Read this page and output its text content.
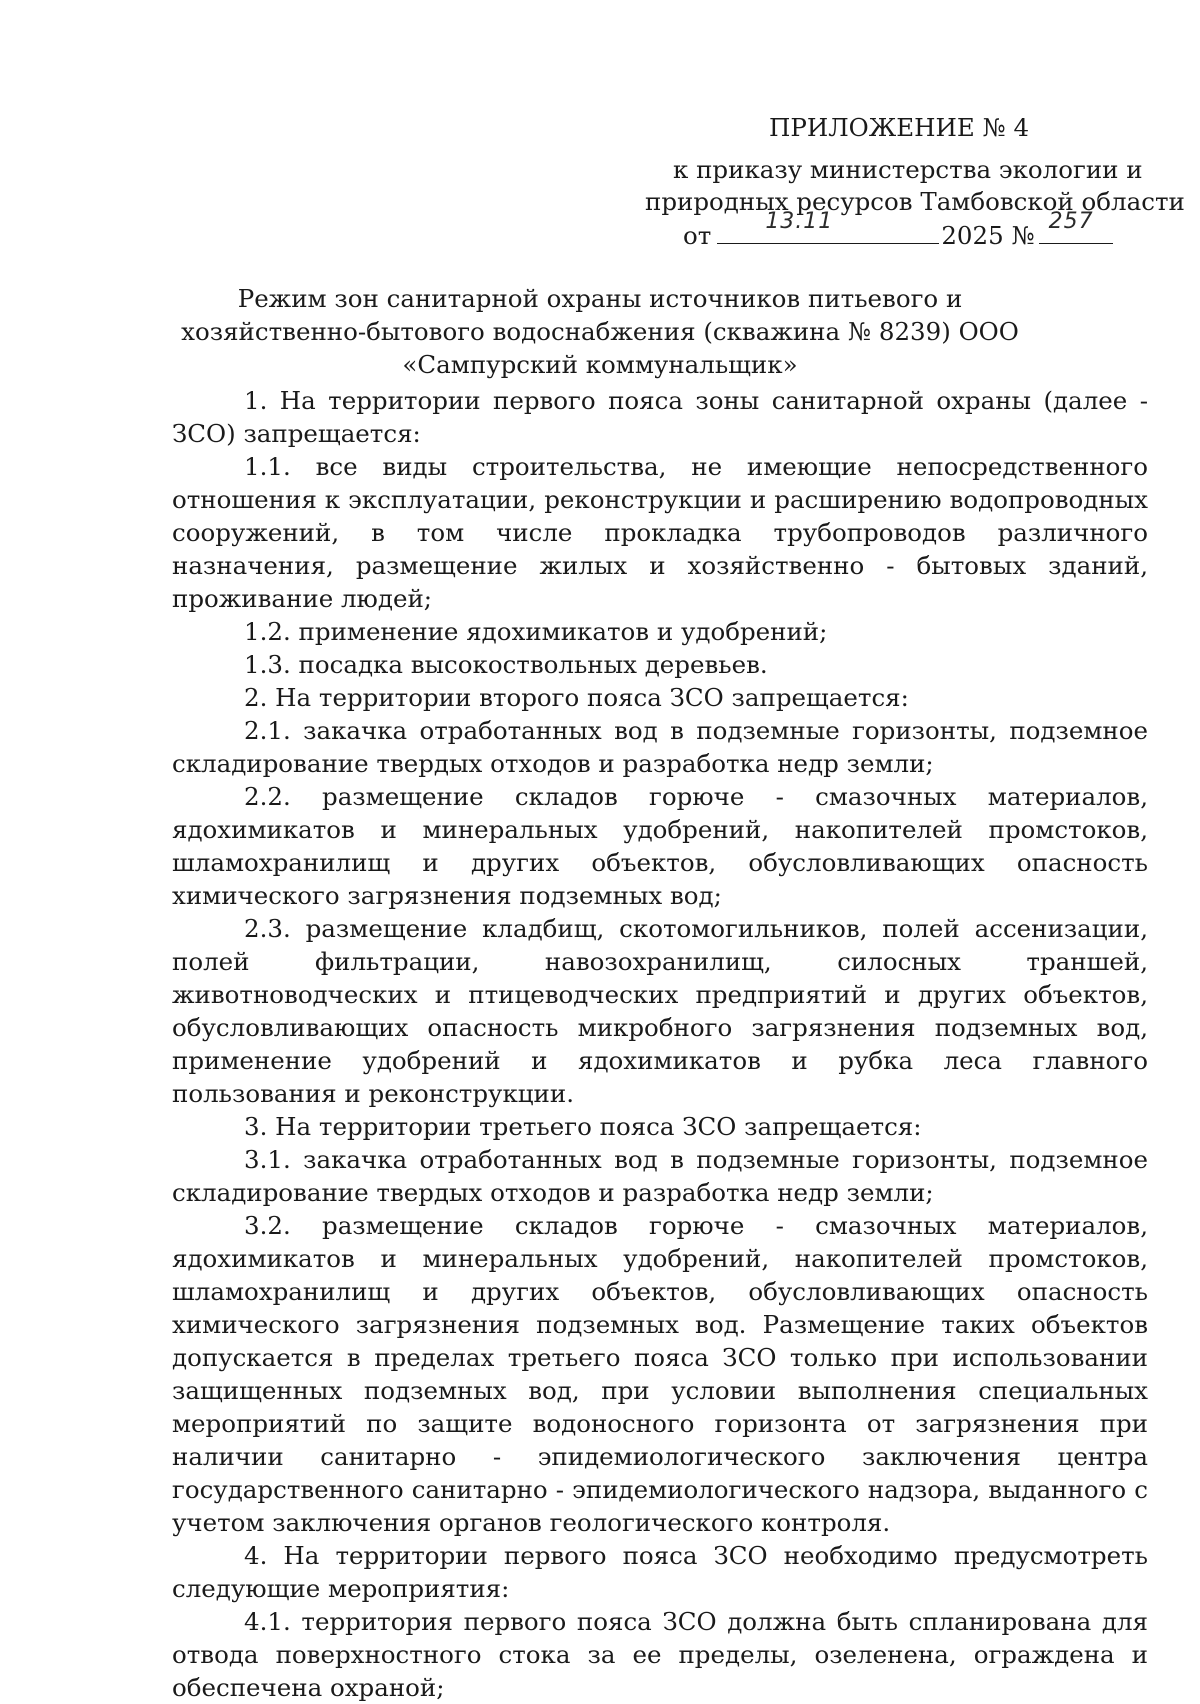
ПРИЛОЖЕНИЕ № 4
к приказу министерства экологии и
природных ресурсов Тамбовской области
от 13.11	2025 № 257
Режим зон санитарной охраны источников питьевого и хозяйственно-бытового водоснабжения (скважина № 8239) ООО «Сампурский коммунальщик»

1. На территории первого пояса зоны санитарной охраны (далее - ЗСО) запрещается:

1.1. все виды строительства, не имеющие непосредственного отношения к эксплуатации, реконструкции и расширению водопроводных сооружений, в том числе прокладка трубопроводов различного назначения, размещение жилых и хозяйственно - бытовых зданий, проживание людей;

1.2. применение ядохимикатов и удобрений;

1.3. посадка высокоствольных деревьев.

2. На территории второго пояса ЗСО запрещается:

2.1. закачка отработанных вод в подземные горизонты, подземное складирование твердых отходов и разработка недр земли;

2.2. размещение складов горюче - смазочных материалов, ядохимикатов и минеральных удобрений, накопителей промстоков, шламохранилищ и других объектов, обусловливающих опасность химического загрязнения подземных вод;

2.3. размещение кладбищ, скотомогильников, полей ассенизации, полей фильтрации, навозохранилищ, силосных траншей, животноводческих и птицеводческих предприятий и других объектов, обусловливающих опасность микробного загрязнения подземных вод, применение удобрений и ядохимикатов и рубка леса главного пользования и реконструкции.

3. На территории третьего пояса ЗСО запрещается:

3.1. закачка отработанных вод в подземные горизонты, подземное складирование твердых отходов и разработка недр земли;

3.2. размещение складов горюче - смазочных материалов, ядохимикатов и минеральных удобрений, накопителей промстоков, шламохранилищ и других объектов, обусловливающих опасность химического загрязнения подземных вод. Размещение таких объектов допускается в пределах третьего пояса ЗСО только при использовании защищенных подземных вод, при условии выполнения специальных мероприятий по защите водоносного горизонта от загрязнения при наличии санитарно - эпидемиологического заключения центра государственного санитарно - эпидемиологического надзора, выданного с учетом заключения органов геологического контроля.

4. На территории первого пояса ЗСО необходимо предусмотреть следующие мероприятия:

4.1. территория первого пояса ЗСО должна быть спланирована для отвода поверхностного стока за ее пределы, озеленена, ограждена и обеспечена охраной;
